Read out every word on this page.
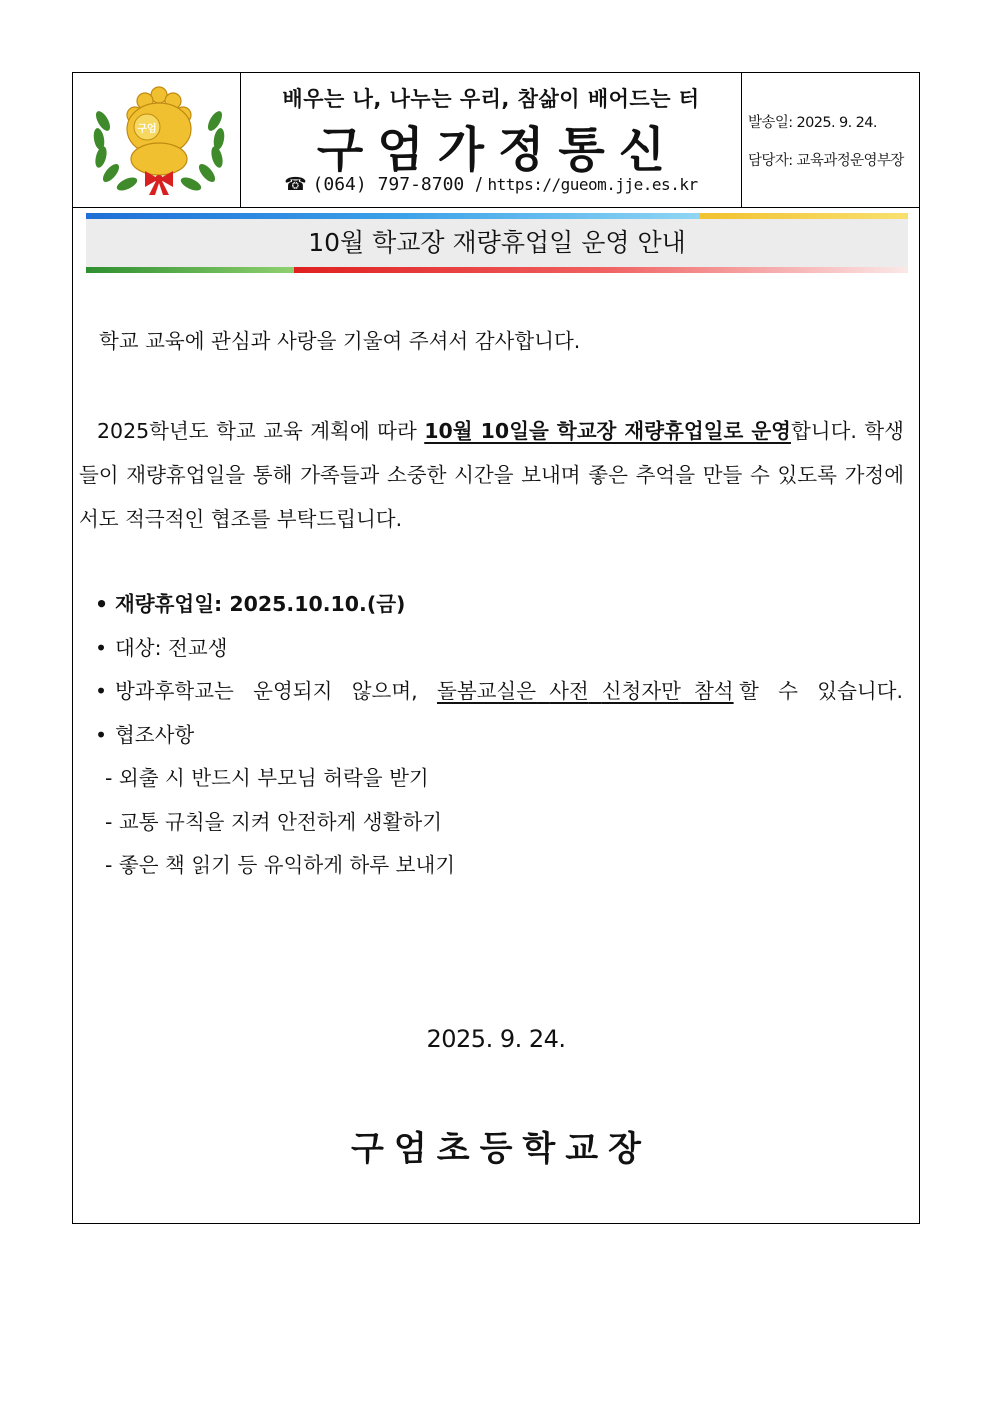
구엄
배우는 나, 나누는 우리, 참삶이 배어드는 터
구엄가정통신
☎ (064) 797-8700 / https://gueom.jje.es.kr
발송일: 2025. 9. 24.
담당자: 교육과정운영부장
10월 학교장 재량휴업일 운영 안내
학교 교육에 관심과 사랑을 기울여 주셔서 감사합니다.
2025학년도 학교 교육 계획에 따라 10월 10일을 학교장 재량휴업일로 운영합니다. 학생들이 재량휴업일을 통해 가족들과 소중한 시간을 보내며 좋은 추억을 만들 수 있도록 가정에서도 적극적인 협조를 부탁드립니다.
• 재량휴업일: 2025.10.10.(금)
• 대상: 전교생
• 방과후학교는 운영되지 않으며, 돌봄교실은 사전 신청자만 참석 할 수 있습니다.
• 협조사항
- 외출 시 반드시 부모님 허락을 받기
- 교통 규칙을 지켜 안전하게 생활하기
- 좋은 책 읽기 등 유익하게 하루 보내기
2025. 9. 24.
구엄초등학교장
